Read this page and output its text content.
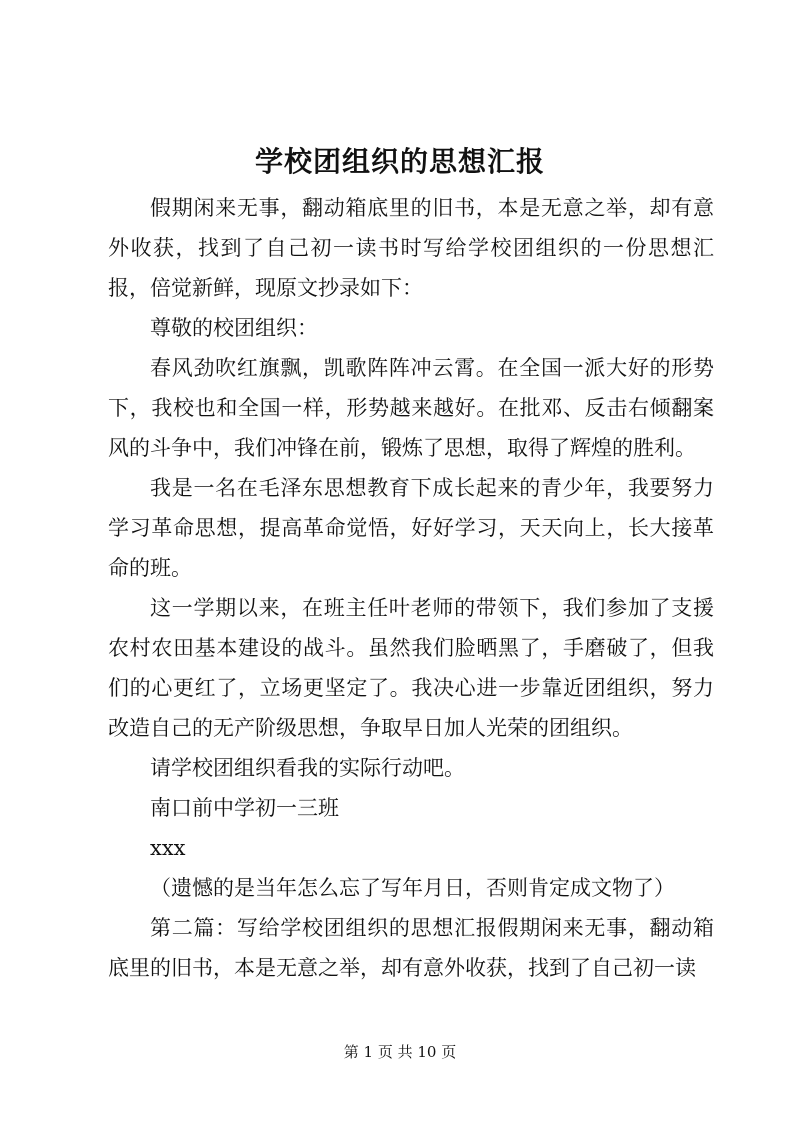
学校团组织的思想汇报

假期闲来无事，翻动箱底里的旧书，本是无意之举，却有意外收获，找到了自己初一读书时写给学校团组织的一份思想汇报，倍觉新鲜，现原文抄录如下：

尊敬的校团组织：

春风劲吹红旗飘，凯歌阵阵冲云霄。在全国一派大好的形势下，我校也和全国一样，形势越来越好。在批邓、反击右倾翻案风的斗争中，我们冲锋在前，锻炼了思想，取得了辉煌的胜利。

我是一名在毛泽东思想教育下成长起来的青少年，我要努力学习革命思想，提高革命觉悟，好好学习，天天向上，长大接革命的班。

这一学期以来，在班主任叶老师的带领下，我们参加了支援农村农田基本建设的战斗。虽然我们脸晒黑了，手磨破了，但我们的心更红了，立场更坚定了。我决心进一步靠近团组织，努力改造自己的无产阶级思想，争取早日加人光荣的团组织。

请学校团组织看我的实际行动吧。

南口前中学初一三班

xxx

（遗憾的是当年怎么忘了写年月日，否则肯定成文物了）

第二篇：写给学校团组织的思想汇报假期闲来无事，翻动箱底里的旧书，本是无意之举，却有意外收获，找到了自己初一读

第 1 页 共 10 页
